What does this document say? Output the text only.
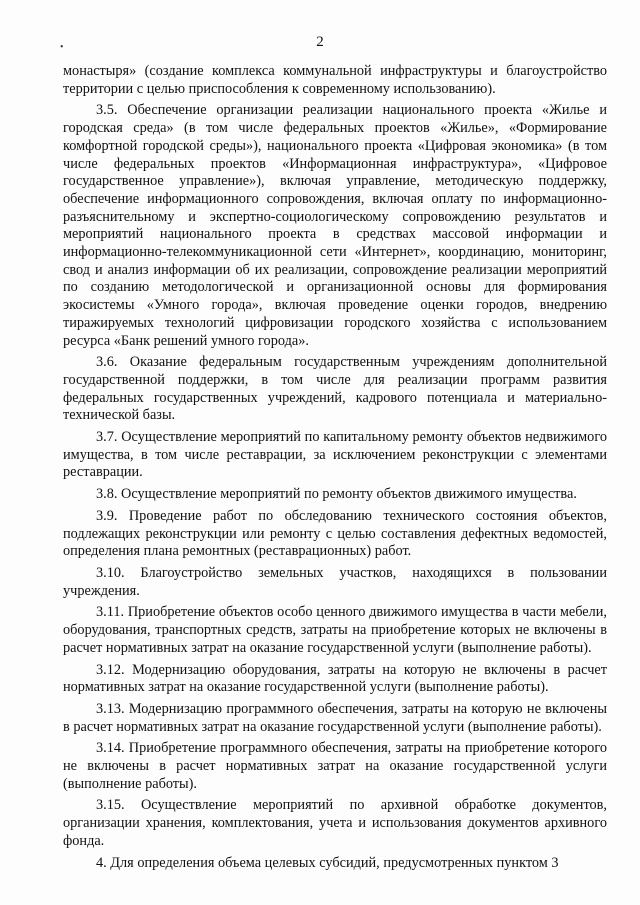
•	2

монастыря» (создание комплекса коммунальной инфраструктуры и благоустройство территории с целью приспособления к современному использованию).

3.5. Обеспечение организации реализации национального проекта «Жилье и городская среда» (в том числе федеральных проектов «Жилье», «Формирование комфортной городской среды»), национального проекта «Цифровая экономика» (в том числе федеральных проектов «Информационная инфраструктура», «Цифровое государственное управление»), включая управление, методическую поддержку, обеспечение информационного сопровождения, включая оплату по информационно-разъяснительному и экспертно-социологическому сопровождению результатов и мероприятий национального проекта в средствах массовой информации и информационно-телекоммуникационной сети «Интернет», координацию, мониторинг, свод и анализ информации об их реализации, сопровождение реализации мероприятий по созданию методологической и организационной основы для формирования экосистемы «Умного города», включая проведение оценки городов, внедрению тиражируемых технологий цифровизации городского хозяйства с использованием ресурса «Банк решений умного города».

3.6. Оказание федеральным государственным учреждениям дополнительной государственной поддержки, в том числе для реализации программ развития федеральных государственных учреждений, кадрового потенциала и материально-технической базы.

3.7. Осуществление мероприятий по капитальному ремонту объектов недвижимого имущества, в том числе реставрации, за исключением реконструкции с элементами реставрации.

3.8. Осуществление мероприятий по ремонту объектов движимого имущества.

3.9. Проведение работ по обследованию технического состояния объектов, подлежащих реконструкции или ремонту с целью составления дефектных ведомостей, определения плана ремонтных (реставрационных) работ.

3.10. Благоустройство земельных участков, находящихся в пользовании учреждения.

3.11. Приобретение объектов особо ценного движимого имущества в части мебели, оборудования, транспортных средств, затраты на приобретение которых не включены в расчет нормативных затрат на оказание государственной услуги (выполнение работы).

3.12. Модернизацию оборудования, затраты на которую не включены в расчет нормативных затрат на оказание государственной услуги (выполнение работы).

3.13. Модернизацию программного обеспечения, затраты на которую не включены в расчет нормативных затрат на оказание государственной услуги (выполнение работы).

3.14. Приобретение программного обеспечения, затраты на приобретение которого не включены в расчет нормативных затрат на оказание государственной услуги (выполнение работы).

3.15. Осуществление мероприятий по архивной обработке документов, организации хранения, комплектования, учета и использования документов архивного фонда.

4. Для определения объема целевых субсидий, предусмотренных пунктом 3
